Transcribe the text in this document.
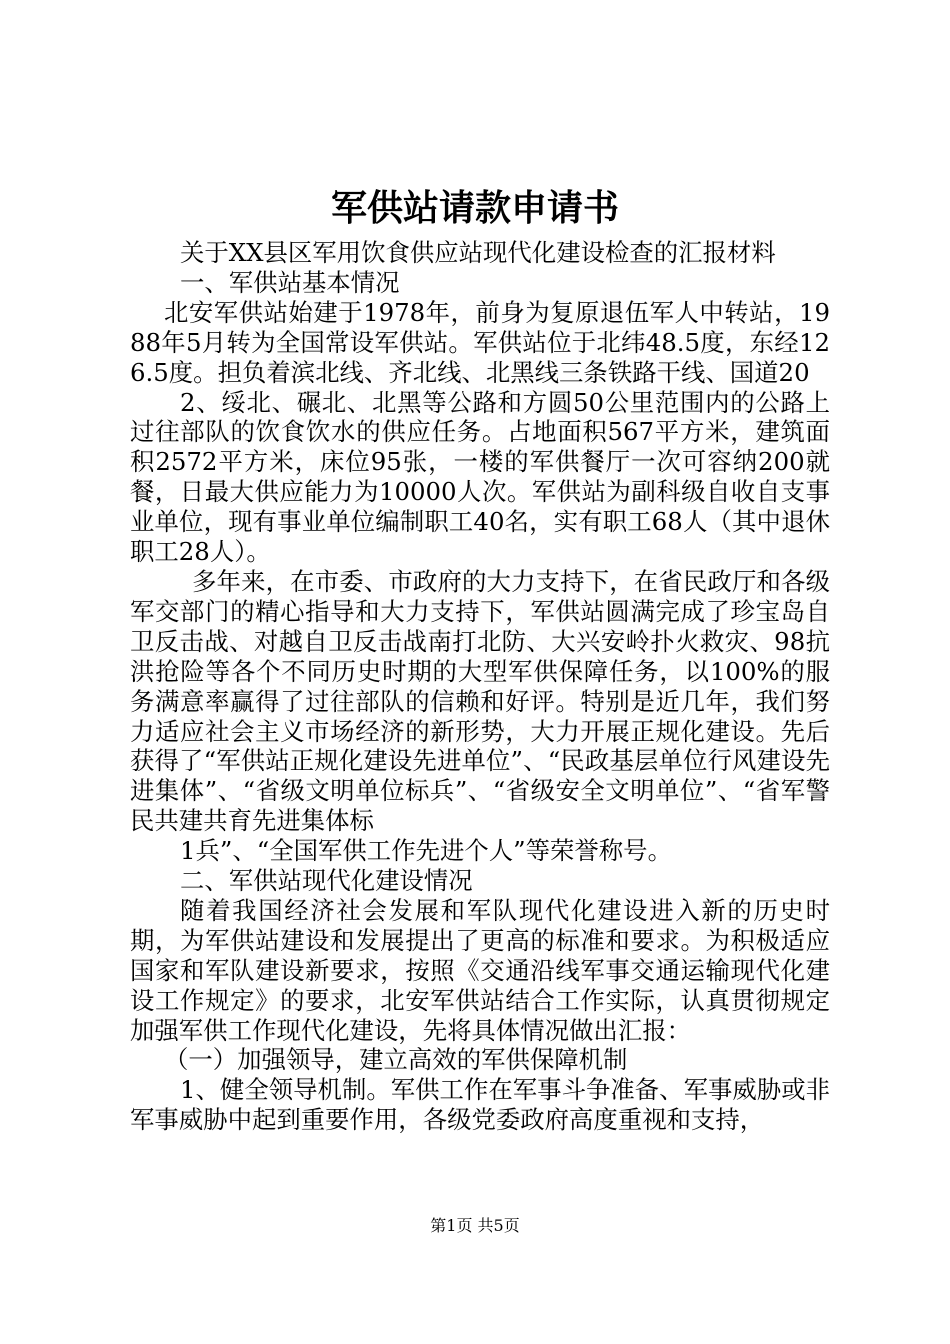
军供站请款申请书

关于XX县区军用饮食供应站现代化建设检查的汇报材料

一、军供站基本情况

北安军供站始建于1978年，前身为复原退伍军人中转站，1988年5月转为全国常设军供站。军供站位于北纬48.5度，东经126.5度。担负着滨北线、齐北线、北黑线三条铁路干线、国道20

2、绥北、碾北、北黑等公路和方圆50公里范围内的公路上过往部队的饮食饮水的供应任务。占地面积567平方米，建筑面积2572平方米，床位95张，一楼的军供餐厅一次可容纳200就餐，日最大供应能力为10000人次。军供站为副科级自收自支事业单位，现有事业单位编制职工40名，实有职工68人（其中退休职工28人）。

多年来，在市委、市政府的大力支持下，在省民政厅和各级军交部门的精心指导和大力支持下，军供站圆满完成了珍宝岛自卫反击战、对越自卫反击战南打北防、大兴安岭扑火救灾、98抗洪抢险等各个不同历史时期的大型军供保障任务，以100%的服务满意率赢得了过往部队的信赖和好评。特别是近几年，我们努力适应社会主义市场经济的新形势，大力开展正规化建设。先后获得了“军供站正规化建设先进单位”、“民政基层单位行风建设先进集体”、“省级文明单位标兵”、“省级安全文明单位”、“省军警民共建共育先进集体标

1兵”、“全国军供工作先进个人”等荣誉称号。

二、军供站现代化建设情况

随着我国经济社会发展和军队现代化建设进入新的历史时期，为军供站建设和发展提出了更高的标准和要求。为积极适应国家和军队建设新要求，按照《交通沿线军事交通运输现代化建设工作规定》的要求，北安军供站结合工作实际，认真贯彻规定加强军供工作现代化建设，先将具体情况做出汇报：

（一）加强领导，建立高效的军供保障机制

1、健全领导机制。军供工作在军事斗争准备、军事威胁或非军事威胁中起到重要作用，各级党委政府高度重视和支持，

第1页 共5页
